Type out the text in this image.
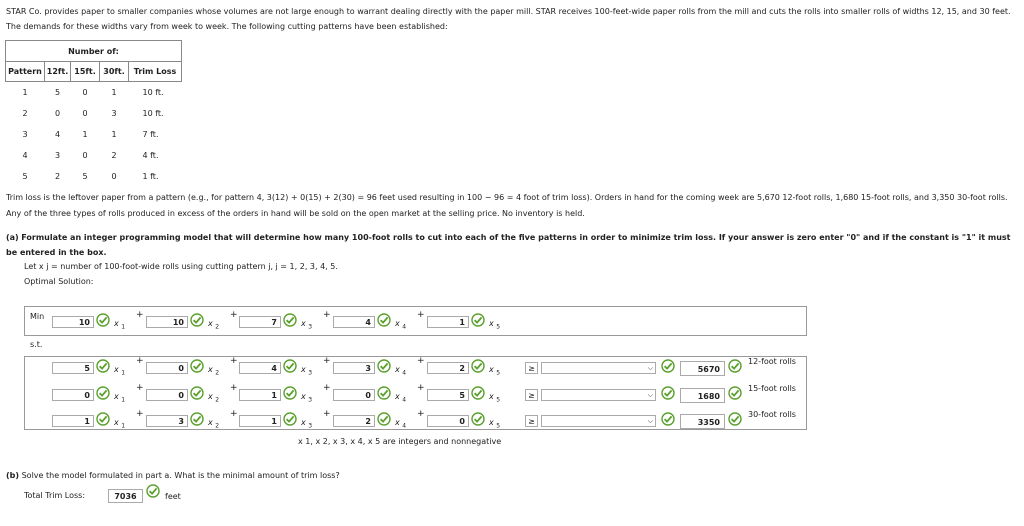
STAR Co. provides paper to smaller companies whose volumes are not large enough to warrant dealing directly with the paper mill. STAR receives 100-feet-wide paper rolls from the mill and cuts the rolls into smaller rolls of widths 12, 15, and 30 feet. The demands for these widths vary from week to week. The following cutting patterns have been established:
Number of:				
Pattern	12ft.	15ft.	30ft.	Trim Loss
1	5	0	1	10 ft.
2	0	0	3	10 ft.
3	4	1	1	7 ft.
4	3	0	2	4 ft.
5	2	5	0	1 ft.
Trim loss is the leftover paper from a pattern (e.g., for pattern 4, 3(12) + 0(15) + 2(30) = 96 feet used resulting in 100 − 96 = 4 foot of trim loss). Orders in hand for the coming week are 5,670 12-foot rolls, 1,680 15-foot rolls, and 3,350 30-foot rolls. Any of the three types of rolls produced in excess of the orders in hand will be sold on the open market at the selling price. No inventory is held.
(a) Formulate an integer programming model that will determine how many 100-foot rolls to cut into each of the five patterns in order to minimize trim loss. If your answer is zero enter "0" and if the constant is "1" it must be entered in the box.
Let x j = number of 100-foot-wide rolls using cutting pattern j, j = 1, 2, 3, 4, 5.
Optimal Solution:
Min
s.t.
x 1, x 2, x 3, x 4, x 5 are integers and nonnegative
(b) Solve the model formulated in part a. What is the minimal amount of trim loss?
Total Trim Loss:	7036	feet
10	x $_1$
+
10	x $_2$
+
7	x $_3$
+
4	x $_4$
+
1	x $_5$
5	x $_1$
+
0	x $_2$
+
4	x $_3$
+
3	x $_4$
+
2	x $_5$
≥	⌵	5670
12-foot rolls
0	x $_1$
+
0	x $_2$
+
1	x $_3$
+
0	x $_4$
+
5	x $_5$
≥	⌵	1680
15-foot rolls
1	x $_1$
+
3	x $_2$
+
1	x $_3$
+
2	x $_4$
+
0	x $_5$
≥	⌵	3350
30-foot rolls
